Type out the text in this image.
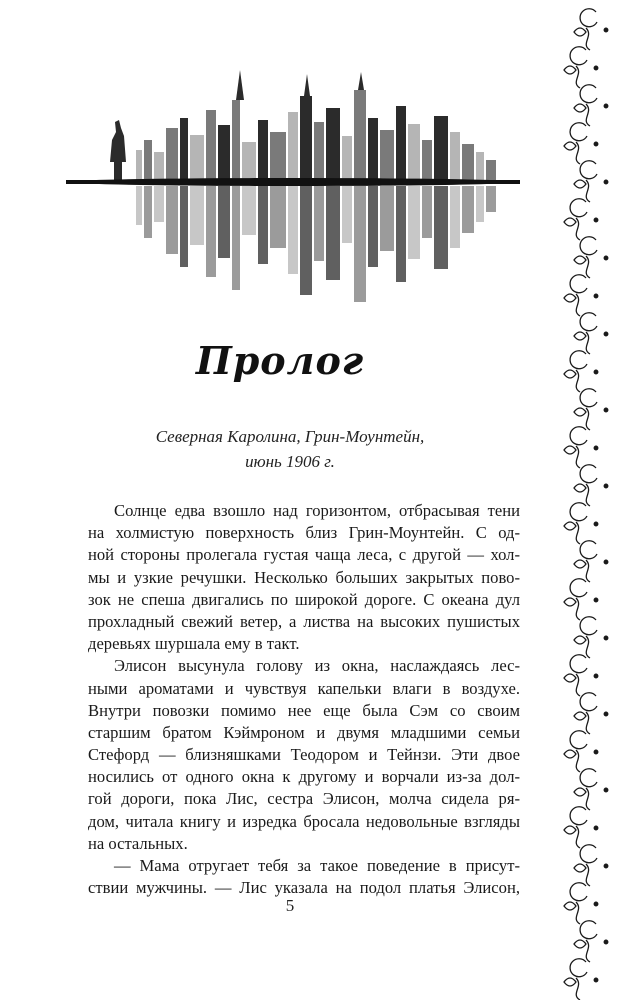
Пролог
Северная Каролина, Грин-Моунтейн,
июнь 1906 г.
Солнце едва взошло над горизонтом, отбрасывая тени
на холмистую поверхность близ Грин-Моунтейн. С од-
ной стороны пролегала густая чаща леса, с другой — хол-
мы и узкие речушки. Несколько больших закрытых пово-
зок не спеша двигались по широкой дороге. С океана дул
прохладный свежий ветер, а листва на высоких пушистых
деревьях шуршала ему в такт.
Элисон высунула голову из окна, наслаждаясь лес-
ными ароматами и чувствуя капельки влаги в воздухе.
Внутри повозки помимо нее еще была Сэм со своим
старшим братом Кэймроном и двумя младшими семьи
Стефорд — близняшками Теодором и Тейнзи. Эти двое
носились от одного окна к другому и ворчали из-за дол-
гой дороги, пока Лис, сестра Элисон, молча сидела ря-
дом, читала книгу и изредка бросала недовольные взгляды
на остальных.
— Мама отругает тебя за такое поведение в присут-
ствии мужчины. — Лис указала на подол платья Элисон,
5
